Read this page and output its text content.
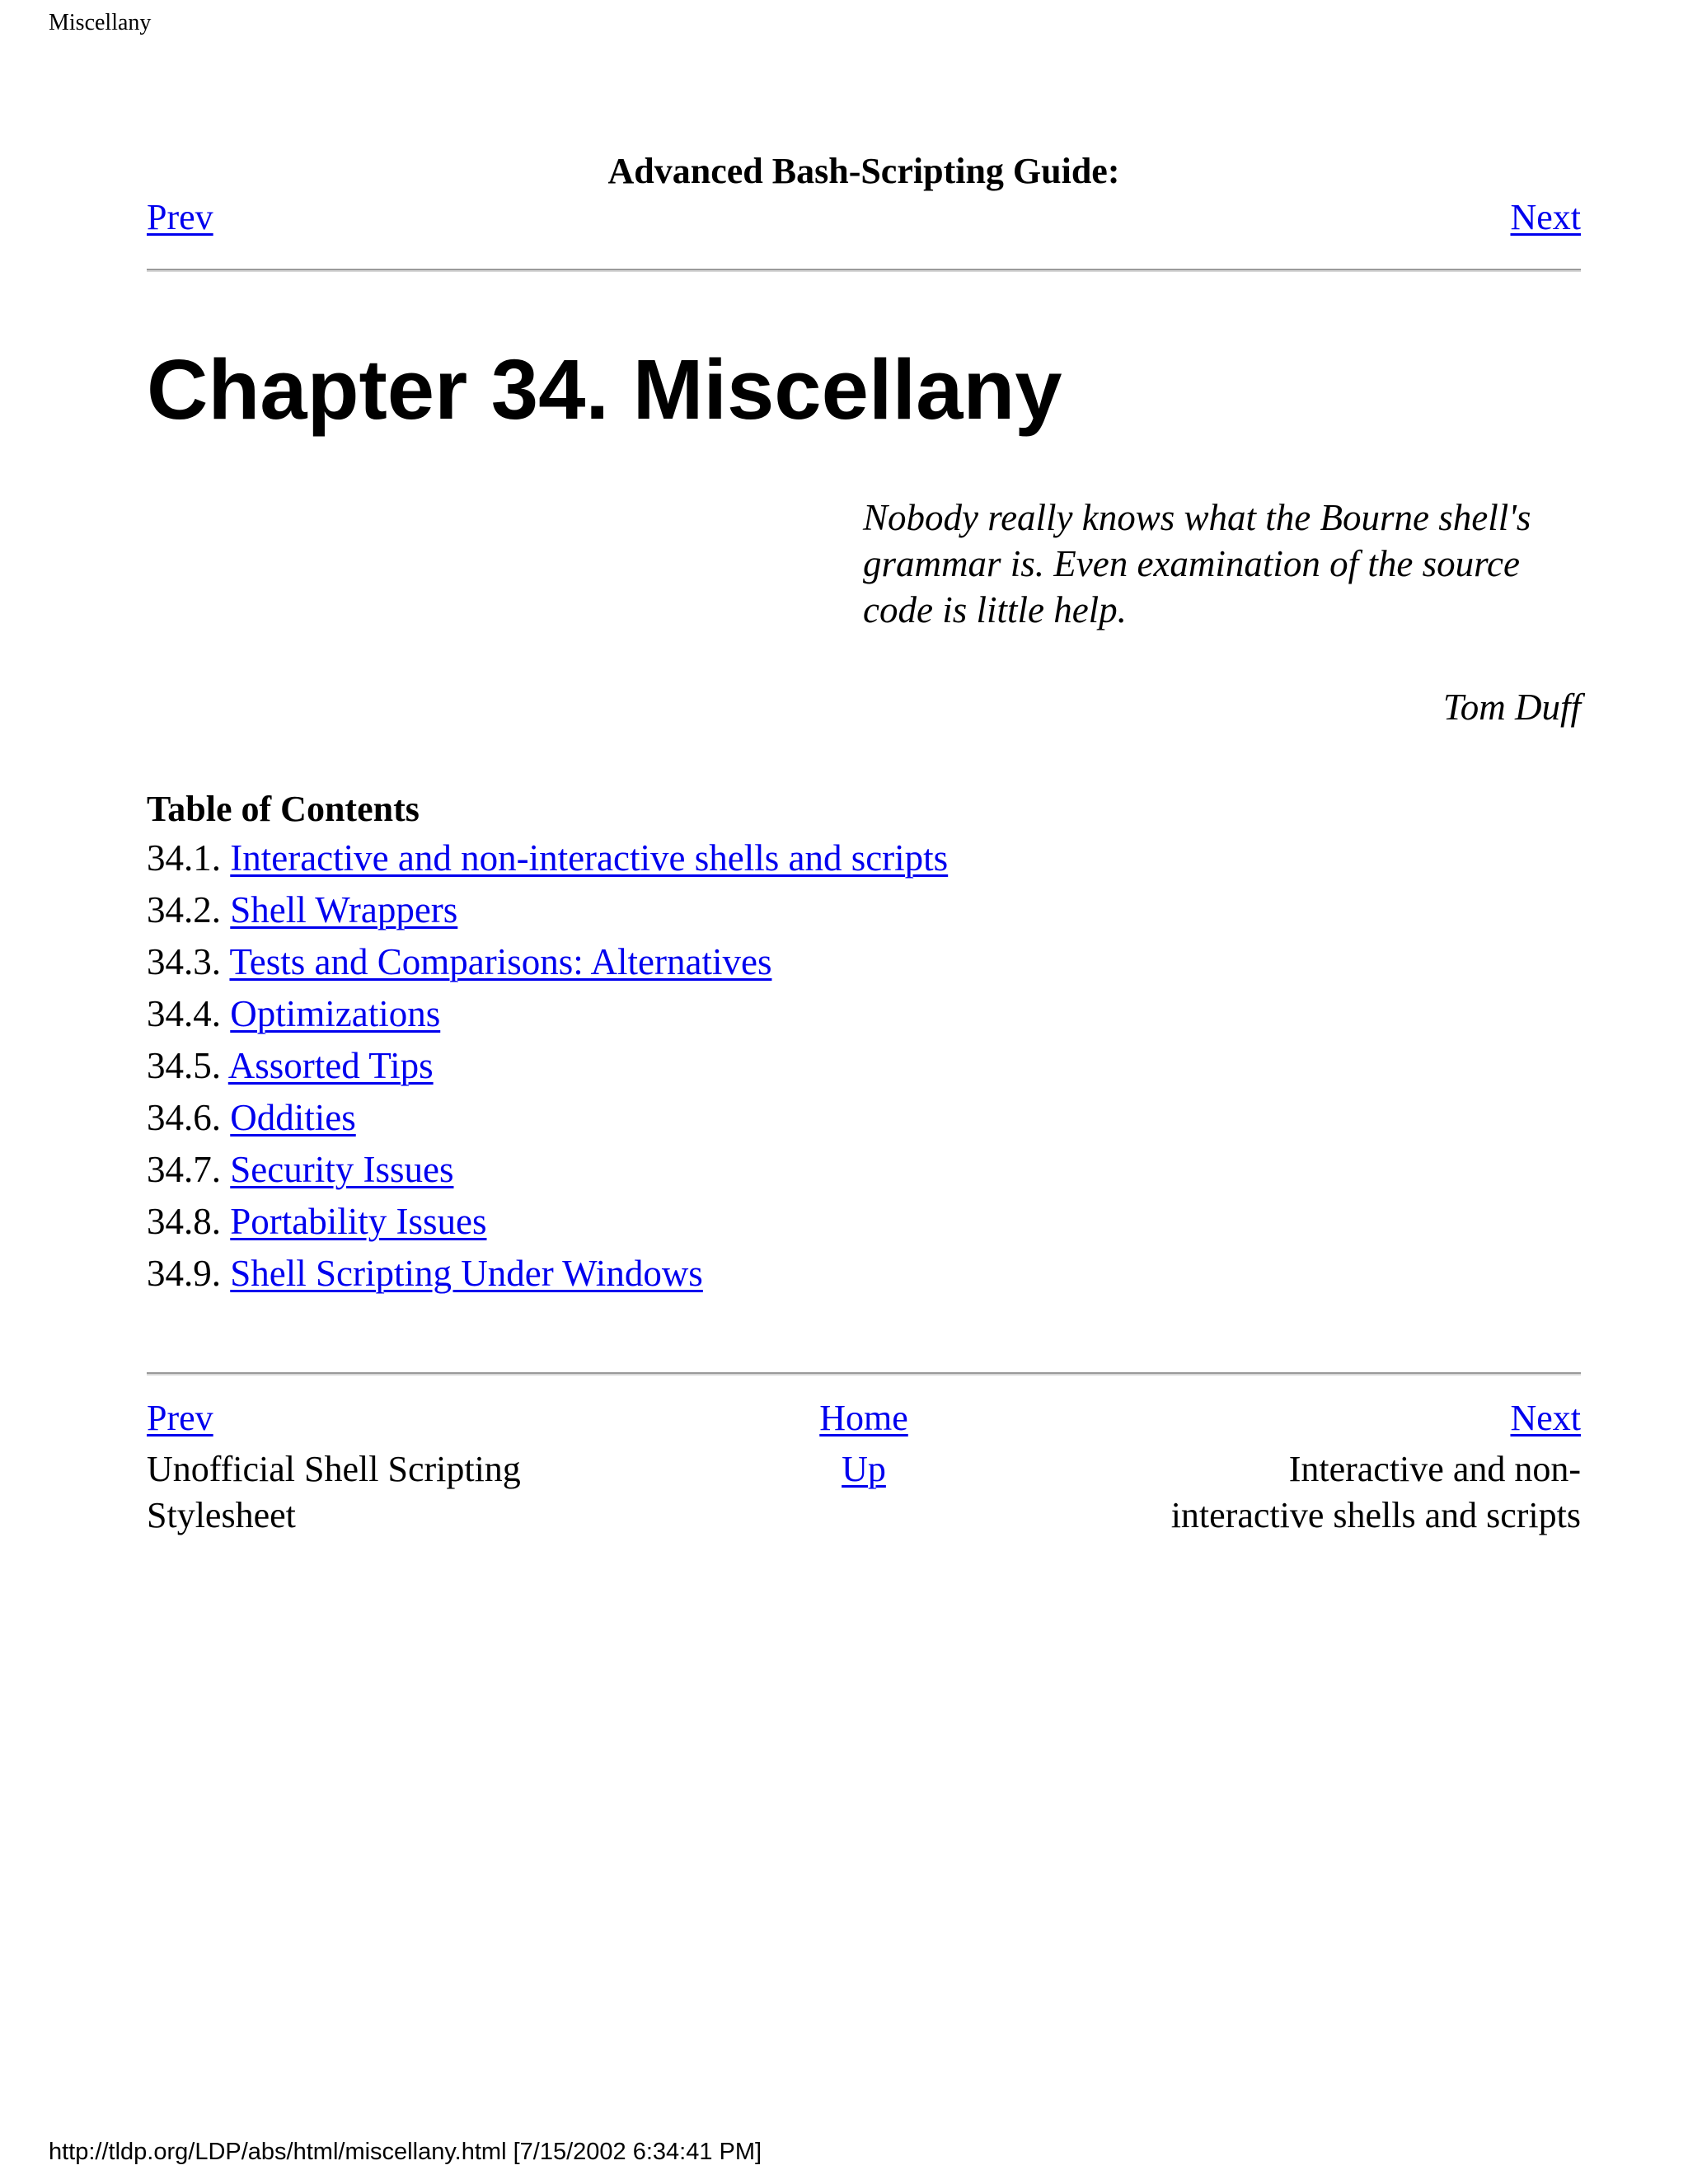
Miscellany
Advanced Bash-Scripting Guide:
Prev	Next
Chapter 34. Miscellany
Nobody really knows what the Bourne shell's
grammar is. Even examination of the source
code is little help.
Tom Duff
Table of Contents
34.1. Interactive and non-interactive shells and scripts
34.2. Shell Wrappers
34.3. Tests and Comparisons: Alternatives
34.4. Optimizations
34.5. Assorted Tips
34.6. Oddities
34.7. Security Issues
34.8. Portability Issues
34.9. Shell Scripting Under Windows
Prev	Home	Next
Unofficial Shell Scripting
Stylesheet	Up	Interactive and non-
interactive shells and scripts
http://tldp.org/LDP/abs/html/miscellany.html [7/15/2002 6:34:41 PM]
